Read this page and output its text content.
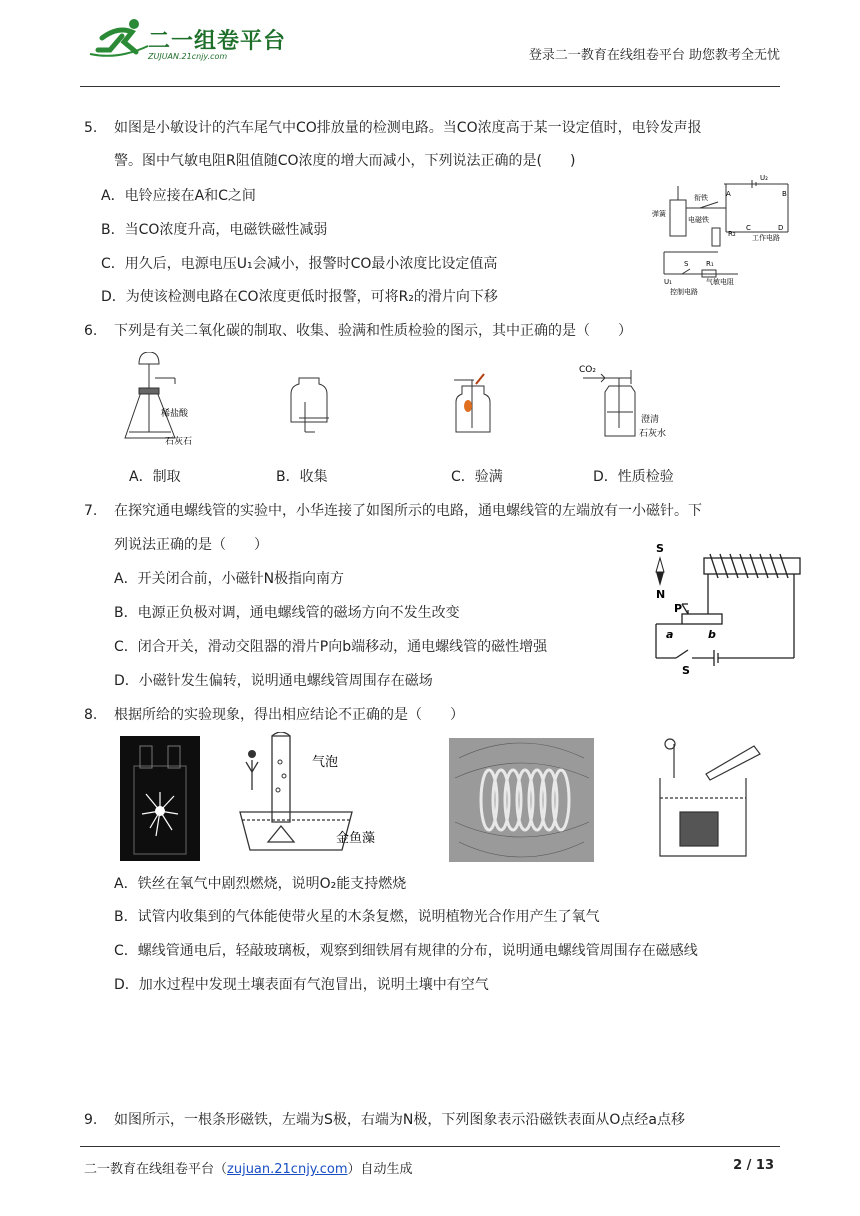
二一组卷平台
ZUJUAN.21cnjy.com	登录二一教育在线组卷平台 助您教考全无忧
5. 如图是小敏设计的汽车尾气中CO排放量的检测电路。当CO浓度高于某一设定值时，电铃发声报
警。图中气敏电阻R阻值随CO浓度的增大而减小，下列说法正确的是(　　)
A．电铃应接在A和C之间
B．当CO浓度升高，电磁铁磁性减弱
C．用久后，电源电压U₁会减小，报警时CO最小浓度比设定值高
D．为使该检测电路在CO浓度更低时报警，可将R₂的滑片向下移
弹簧
衔铁
电磁铁
A	B
C	D
U₂
R₂ 工作电路
S	R₁
U₁	气敏电阻
控制电路
6. 下列是有关二氧化碳的制取、收集、验满和性质检验的图示，其中正确的是（　　）
稀盐酸
石灰石
CO₂
澄清
石灰水
A．制取	B．收集	C．验满	D．性质检验
7. 在探究通电螺线管的实验中，小华连接了如图所示的电路，通电螺线管的左端放有一小磁针。下
列说法正确的是（　　）
A．开关闭合前，小磁针N极指向南方
B．电源正负极对调，通电螺线管的磁场方向不发生改变
C．闭合开关，滑动交阻器的滑片P向b端移动，通电螺线管的磁性增强
D．小磁针发生偏转，说明通电螺线管周围存在磁场
S
N
P
a	b
S
8. 根据所给的实验现象，得出相应结论不正确的是（　　）
气泡
金鱼藻
A．铁丝在氧气中剧烈燃烧，说明O₂能支持燃烧
B．试管内收集到的气体能使带火星的木条复燃，说明植物光合作用产生了氧气
C．螺线管通电后，轻敲玻璃板，观察到细铁屑有规律的分布，说明通电螺线管周围存在磁感线
D．加水过程中发现土壤表面有气泡冒出，说明土壤中有空气
9. 如图所示，一根条形磁铁，左端为S极，右端为N极，下列图象表示沿磁铁表面从O点经a点移
二一教育在线组卷平台（zujuan.21cnjy.com）自动生成	2 / 13
